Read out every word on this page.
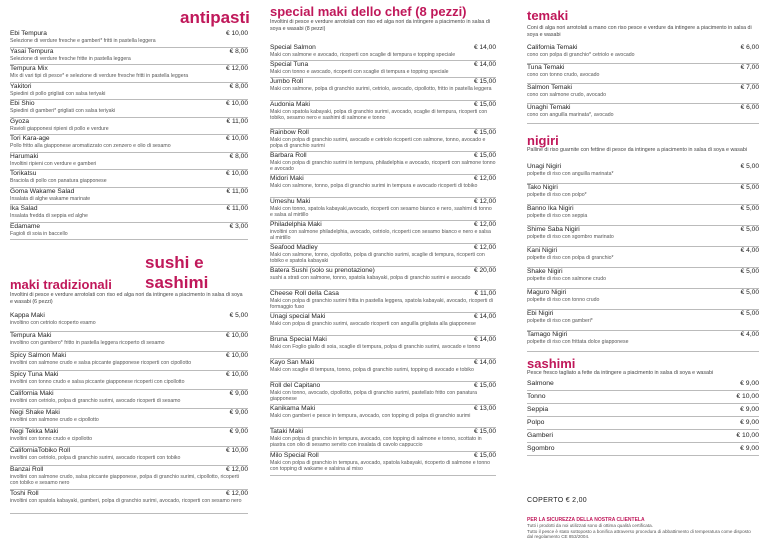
antipasti
Ebi Tempura	€ 10,00
Selezione di verdure fresche e gamberi* fritti in pastella leggera
Yasai Tempura	€ 8,00
Selezione di verdure fresche fritte in pastella leggera
Tempura Mix	€ 12,00
Mix di vari tipi di pesce* e selezione di verdure fresche fritti in pastella leggera
Yakitori	€ 8,00
Spiedini di pollo grigliati con salsa teriyaki
Ebi Shio	€ 10,00
Spiedini di gamberi* grigliati con salsa teriyaki
Gyoza	€ 11,00
Ravioli giapponesi ripieni di pollo e verdure
Tori Kara-age	€ 10,00
Pollo fritto alla giapponese aromatizzato con zenzero e olio di sesamo
Harumaki	€ 8,00
Involtini ripieni con verdure e gamberi
Torikatsu	€ 10,00
Braciola di pollo con panatura giapponese
Goma Wakame Salad	€ 11,00
Insalata di alghe wakame marinate
Ika Salad	€ 11,00
Insalata fredda di seppia ed alghe
Edamame	€ 3,00
Fagioli di soia in baccello
sushi e sashimi
maki tradizionali
Involtini di pesce e verdure arrotolati con riso ed alga nori da intingere a piacimento in salsa di soya e wasabi (6 pezzi)
Kappa Maki	€ 5,00
involtino con cetriolo ricoperto esamo
Tempura Maki	€ 10,00
involtino con gambero* fritto in pastella leggera ricoperto di sesamo
Spicy Salmon Maki	€ 10,00
involtini con salmone crudo e salsa piccante giapponese ricoperti con cipollotto
Spicy Tuna Maki	€ 10,00
involtini con tonno crudo e salsa piccante giapponese ricoperti con cipollotto
California Maki	€ 9,00
involtini con cetriolo, polpa di granchio surimi, avocado ricoperti di sesamo
Negi Shake Maki	€ 9,00
involtini con salmone crudo e cipollotto
Negi Tekka Maki	€ 9,00
involtini con tonno crudo e cipollotto
CaliforniaTobiko Roll	€ 10,00
involtini con cetriolo, polpa di granchio surimi, avocado ricoperti con tobiko
Banzai Roll	€ 12,00
involtini con salmone crudo, salsa piccante giapponese, polpa di granchio surimi, cipollotto, ricoperti con tobiko e sesamo nero
Toshi Roll	€ 12,00
involtini con spatola kabayaki, gamberi, polpa di granchio surimi, avocado, ricoperti con sesamo nero
special maki dello chef (8 pezzi)
Involtini di pesce e verdure arrotolati con riso ed alga nori da intingere a piacimento in salsa di soya e wasabi (8 pezzi)
Special Salmon	€ 14,00
Maki con salmone e avocado, ricoperti con scaglie di tempura e topping speciale
Special Tuna	€ 14,00
Maki con tonno e avocado, ricoperti con scaglie di tempura e topping speciale
Jumbo Roll	€ 15,00
Maki con salmone, polpa di granchio surimi, cetriolo, avocado, cipollotto, fritto in pastella leggera
Audonia Maki	€ 15,00
Maki con spatola kabayaki, polpa di granchio surimi, avocado, scaglie di tempura, ricoperti con tobiko, sesamo nero e sashimi di salmone e tonno
Rainbow Roll	€ 15,00
Maki con polpa di granchio surimi, avocado e cetriolo ricoperti con salmone, tonno, avocado e polpa di granchio surimi
Barbara Roll	€ 15,00
Maki con polpa di granchio surimi in tempura, philadelphia e avocado, ricoperti con salmone tonno e avocado
Midori Maki	€ 12,00
Maki con salmone, tonno, polpa di granchio surimi in tempura e avocado ricoperti di tobiko
Umeshu Maki	€ 12,00
Maki con tonno, spatola kabayaki,avocado, ricoperti con sesamo bianco e nero, sashimi di tonno e salsa al mirtillo
Philadelphia Maki	€ 12,00
involtini con salmone philadelphia, avocado, cetriolo, ricoperti con sesamo bianco e nero e salsa al mirtillo
Seafood Madley	€ 12,00
Maki con salmone, tonno, cipollotto, polpa di granchio surimi, scaglie di tempura, ricoperti con tobiko e spatola kabayaki
Batera Sushi (solo su prenotazione)	€ 20,00
sushi a strati con salmone, tonno, spatola kabayaki, polpa di granchio surimi e avocado
Cheese Roll della Casa	€ 11,00
Maki con polpa di granchio surimi fritta in pastella leggera, spatola kabayaki, avocado, ricoperti di formaggio fuso
Unagi special Maki	€ 14,00
Maki con polpa di granchio surimi, avocado ricoperti con anguilla grigliata alla giapponese
Bruna Special Maki	€ 14,00
Maki con Foglio giallo di soia, scaglie di tempura, polpa di granchio surimi, avocado e tonno
Kayo San Maki	€ 14,00
Maki con scaglie di tempura, tonno, polpa di granchio surimi, topping di avocado e tobiko
Roll del Capitano	€ 15,00
Maki con tonno, avocado, cipollotto, polpa di granchio surimi, pastellato fritto con panatura giapponese
Kanikama Maki	€ 13,00
Maki con gamberi e pesce in tempura, avocado, con topping di polpa di granchio surimi
Tataki Maki	€ 15,00
Maki con polpa di granchio in tempura, avocado, con topping di salmone e tonno, scottato in piastra con olio di sesamo servito con insalata di cavolo cappuccio
Milo Special Roll	€ 15,00
Maki con polpa di granchio in tempura, avocado, spatola kabayaki, ricoperto di salmone e tonno con topping di wakame e salsina al miso
temaki
Coni di alga nori arrotolati a mano con riso pesce e verdure da intingere a piacimento in salsa di soya e wasabi
California Temaki	€ 6,00
cono con polpa di granchio* cetriolo e avocado
Tuna Temaki	€ 7,00
cono con tonno crudo, avocado
Salmon Temaki	€ 7,00
cono con salmone crudo, avocado
Unaghi Temaki	€ 6,00
cono con anguilla marinata*, avocado
nigiri
Palline di riso guarnite con fettine di pesce da intingere a piacimento in salsa di soya e wasabi
Unagi Nigiri	€ 5,00
polpette di riso con anguilla marinata*
Tako Nigiri	€ 5,00
polpette di riso con polpo*
Banno Ika Nigiri	€ 5,00
polpette di riso con seppia
Shime Saba Nigiri	€ 5,00
polpette di riso con sgombro marinato
Kani Nigiri	€ 4,00
polpette di riso con polpa di granchio*
Shake Nigiri	€ 5,00
polpette di riso con salmone crudo
Maguro Nigiri	€ 5,00
polpette di riso con tonno crudo
Ebi Nigiri	€ 5,00
polpette di riso con gamberi*
Tamago Nigiri	€ 4,00
polpette di riso con frittata dolce giapponese
sashimi
Pesce fresco tagliato a fette da intingere a piacimento in salsa di soya e wasabi
Salmone	€ 9,00
Tonno	€ 10,00
Seppia	€ 9,00
Polpo	€ 9,00
Gamberi	€ 10,00
Sgombro	€ 9,00
COPERTO € 2,00
PER LA SICUREZZA DELLA NOSTRA CLIENTELA
Tutti i prodotti da noi utilizzati sono di ottima qualità certificata.
Tutto il pesce è stato sottoposto a bonifica attraverso procedura di abbattimento di temperatura come disposto dal regolamento CE 853/2004.
